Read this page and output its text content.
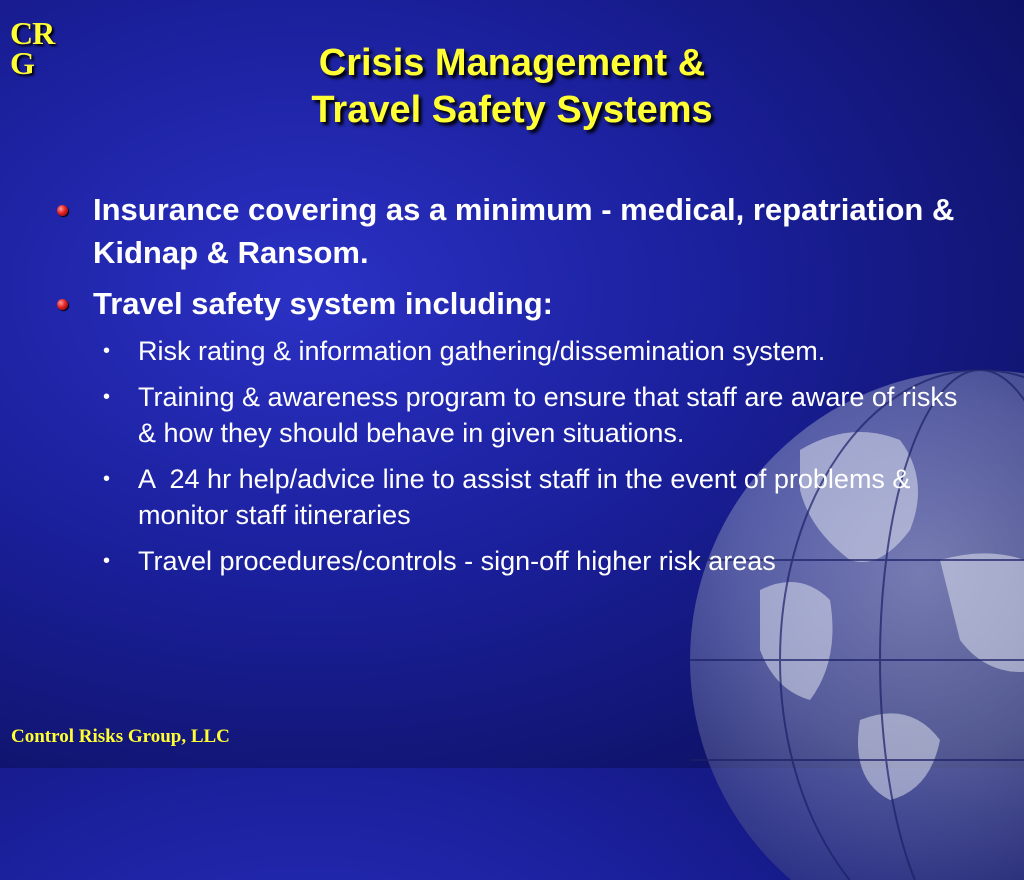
CR
G	Crisis Management &
Travel Safety Systems
Insurance covering as a minimum - medical, repatriation & Kidnap & Ransom.
Travel safety system including:
• Risk rating & information gathering/dissemination system.
• Training & awareness program to ensure that staff are aware of risks & how they should behave in given situations.
• A  24 hr help/advice line to assist staff in the event of problems & monitor staff itineraries
• Travel procedures/controls - sign-off higher risk areas
Control Risks Group, LLC
